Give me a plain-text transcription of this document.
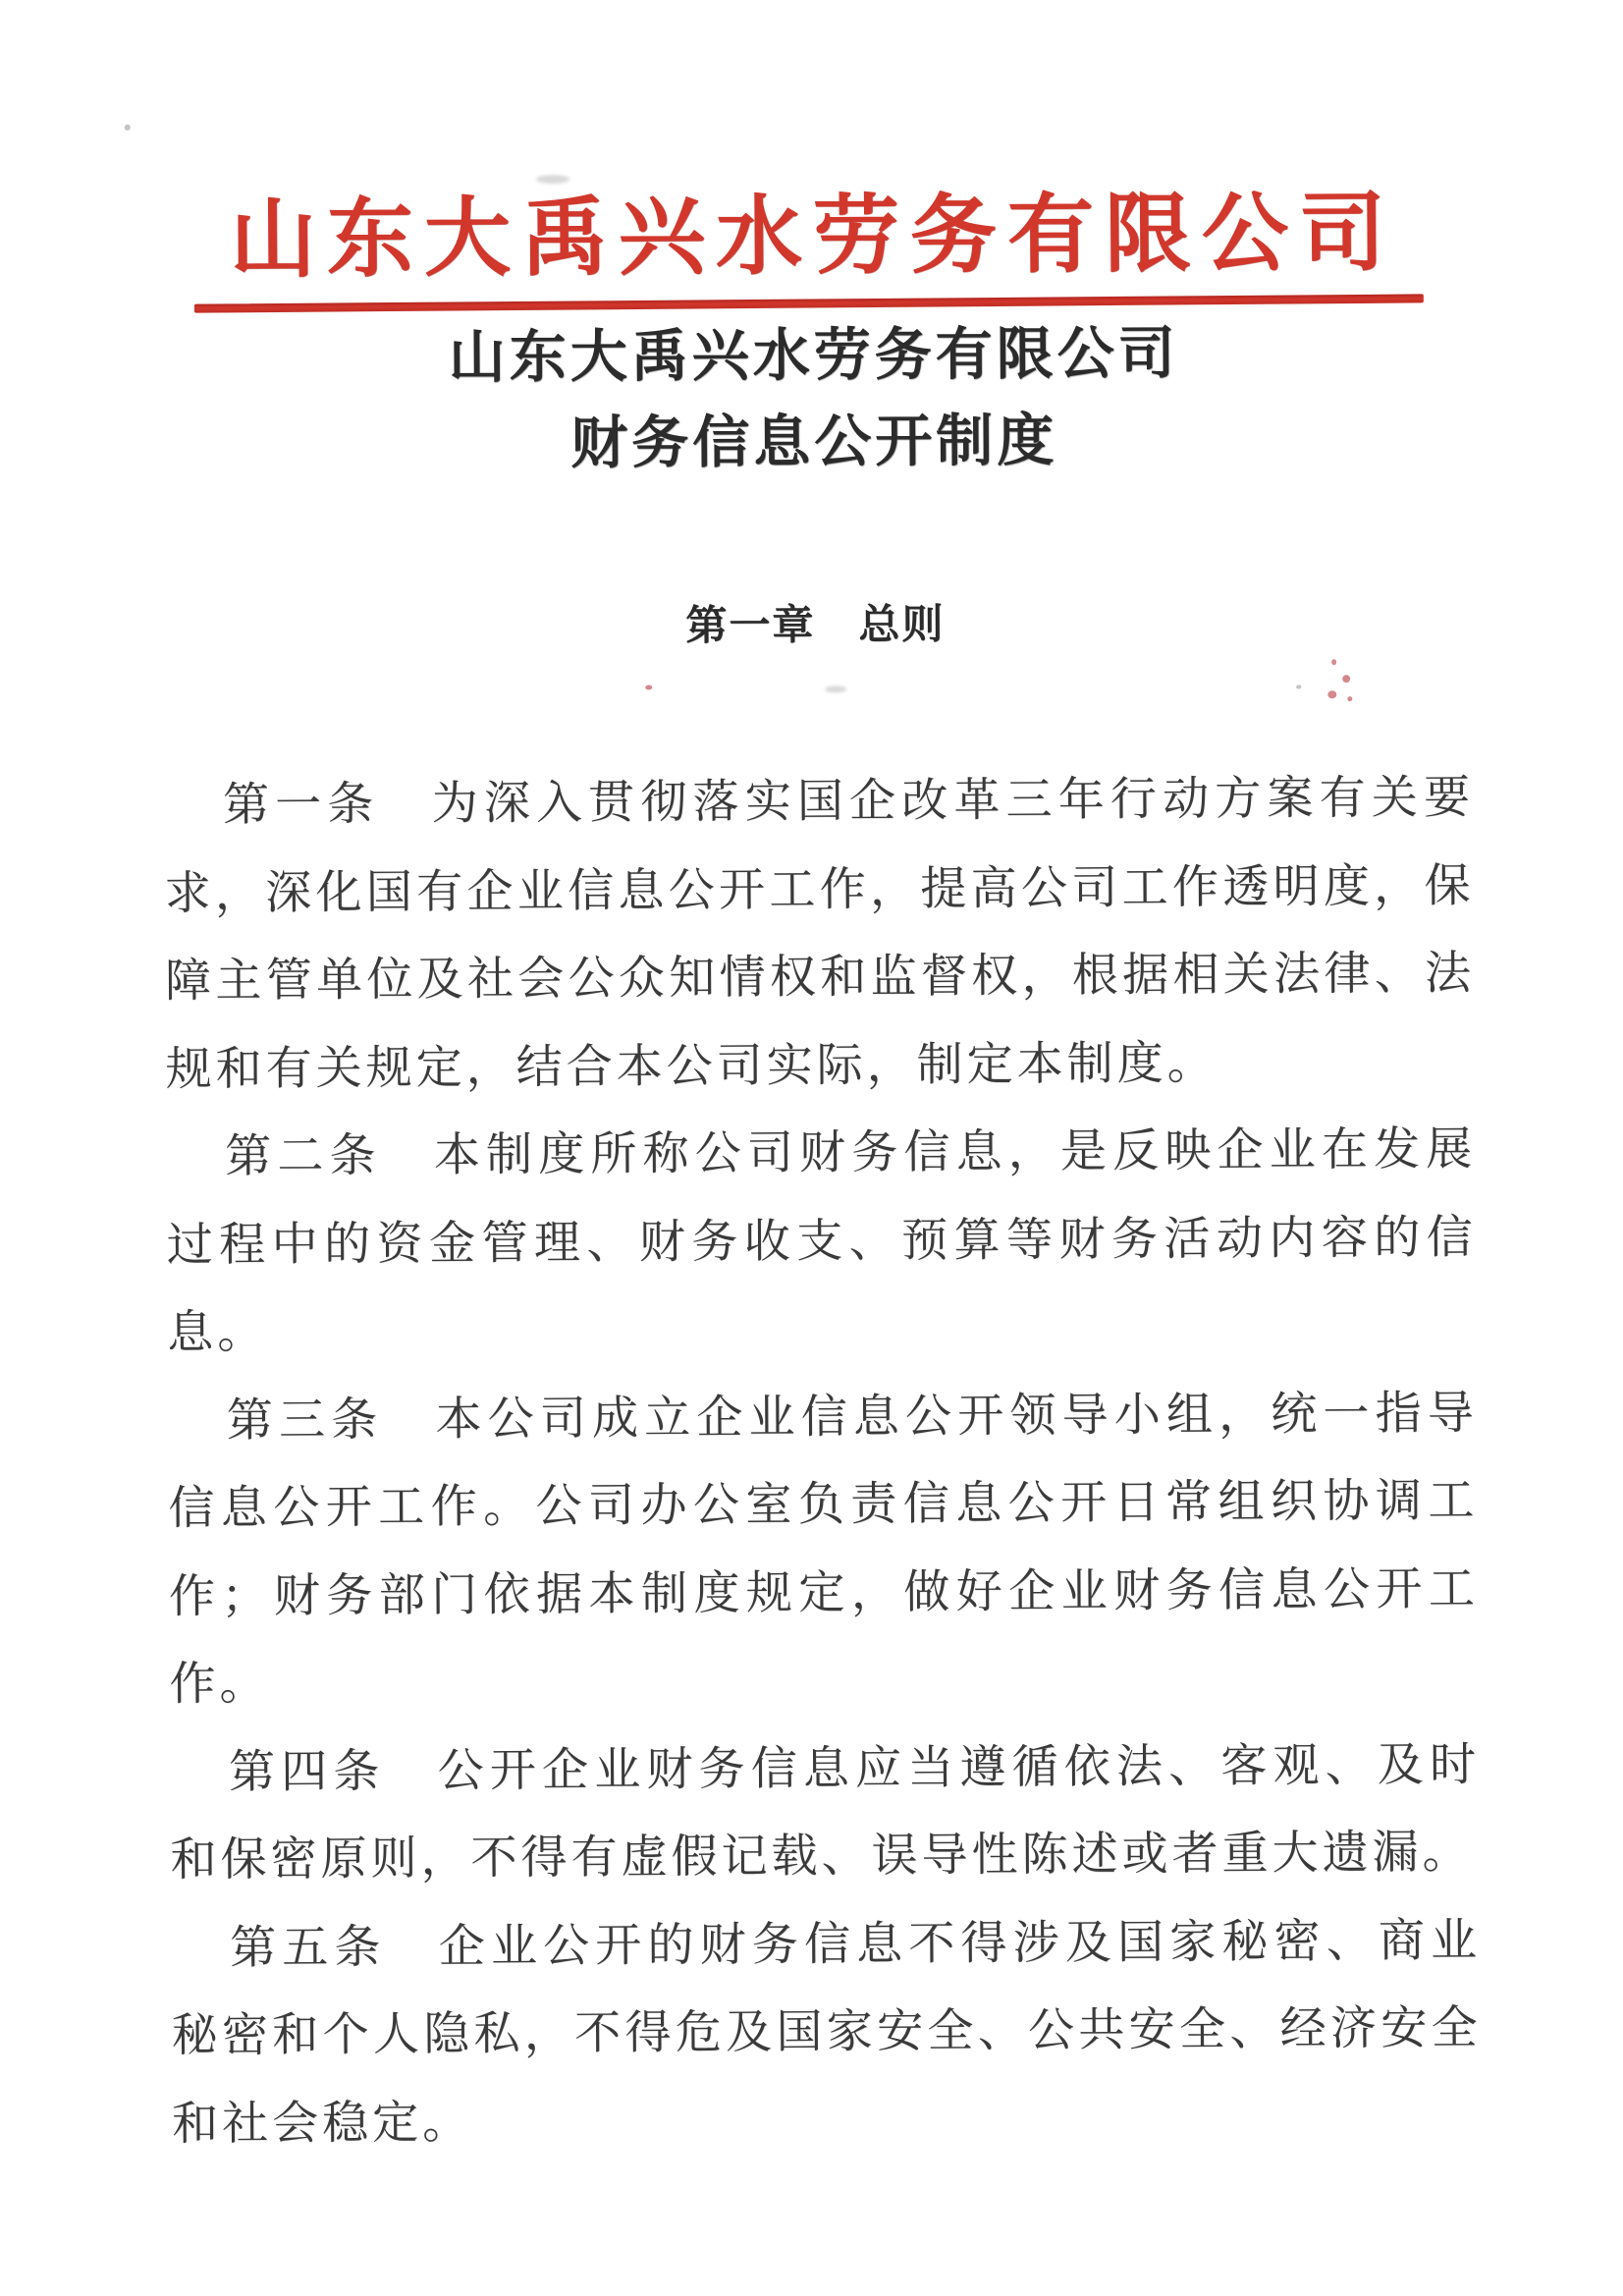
山东大禹兴水劳务有限公司
山东大禹兴水劳务有限公司
财务信息公开制度
第一章　总则

第一条　为深入贯彻落实国企改革三年行动方案有关要求，深化国有企业信息公开工作，提高公司工作透明度，保障主管单位及社会公众知情权和监督权，根据相关法律、法规和有关规定，结合本公司实际，制定本制度。

第二条　本制度所称公司财务信息，是反映企业在发展过程中的资金管理、财务收支、预算等财务活动内容的信息。

第三条　本公司成立企业信息公开领导小组，统一指导信息公开工作。公司办公室负责信息公开日常组织协调工作；财务部门依据本制度规定，做好企业财务信息公开工作。

第四条　公开企业财务信息应当遵循依法、客观、及时和保密原则，不得有虚假记载、误导性陈述或者重大遗漏。

第五条　企业公开的财务信息不得涉及国家秘密、商业秘密和个人隐私，不得危及国家安全、公共安全、经济安全和社会稳定。
